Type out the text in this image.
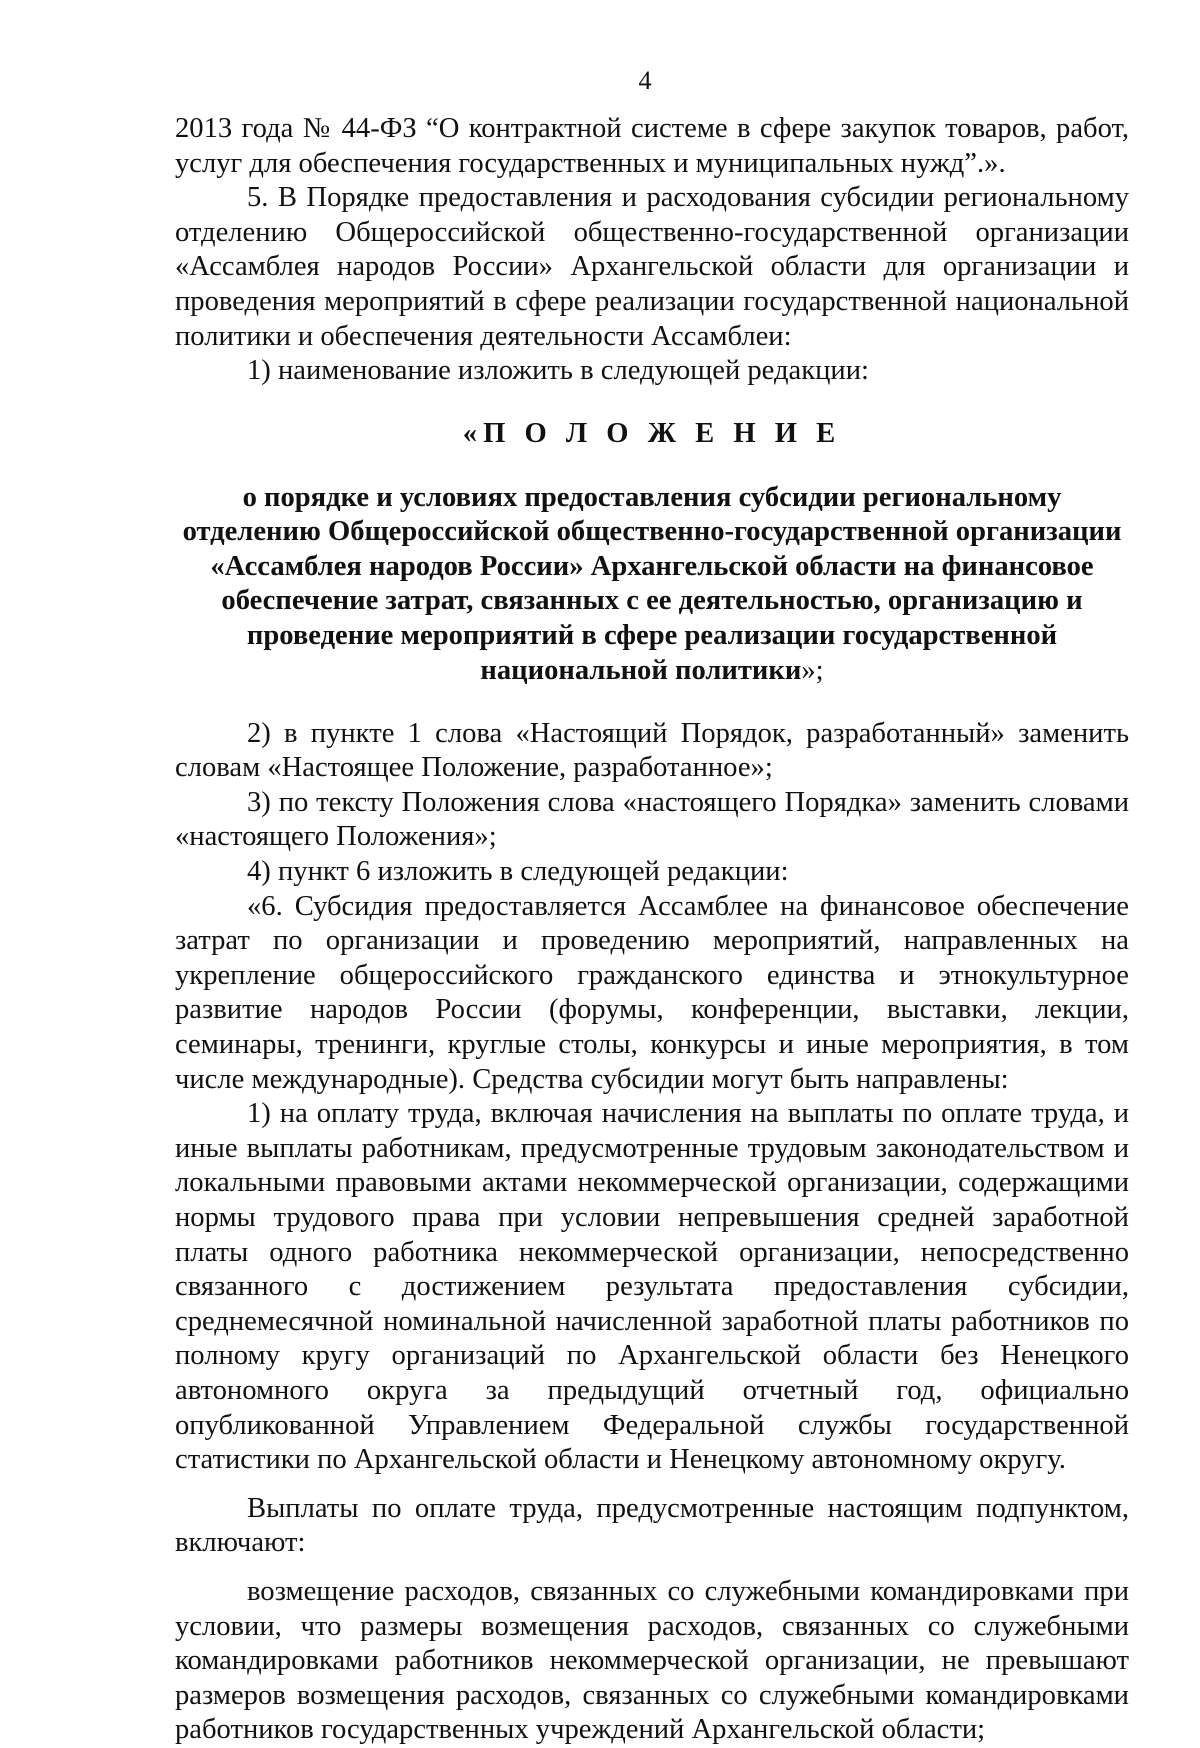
4

2013 года № 44-ФЗ “О контрактной системе в сфере закупок товаров, работ, услуг для обеспечения государственных и муниципальных нужд”.».

5. В Порядке предоставления и расходования субсидии региональному отделению Общероссийской общественно-государственной организации «Ассамблея народов России» Архангельской области для организации и проведения мероприятий в сфере реализации государственной национальной политики и обеспечения деятельности Ассамблеи:

1) наименование изложить в следующей редакции:

«П О Л О Ж Е Н И Е

о порядке и условиях предоставления субсидии региональному отделению Общероссийской общественно-государственной организации «Ассамблея народов России» Архангельской области на финансовое обеспечение затрат, связанных с ее деятельностью, организацию и проведение мероприятий в сфере реализации государственной национальной политики»;

2) в пункте 1 слова «Настоящий Порядок, разработанный» заменить словам «Настоящее Положение, разработанное»;

3) по тексту Положения слова «настоящего Порядка» заменить словами «настоящего Положения»;

4) пункт 6 изложить в следующей редакции:

«6. Субсидия предоставляется Ассамблее на финансовое обеспечение затрат по организации и проведению мероприятий, направленных на укрепление общероссийского гражданского единства и этнокультурное развитие народов России (форумы, конференции, выставки, лекции, семинары, тренинги, круглые столы, конкурсы и иные мероприятия, в том числе международные). Средства субсидии могут быть направлены:

1) на оплату труда, включая начисления на выплаты по оплате труда, и иные выплаты работникам, предусмотренные трудовым законодательством и локальными правовыми актами некоммерческой организации, содержащими нормы трудового права при условии непревышения средней заработной платы одного работника некоммерческой организации, непосредственно связанного с достижением результата предоставления субсидии, среднемесячной номинальной начисленной заработной платы работников по полному кругу организаций по Архангельской области без Ненецкого автономного округа за предыдущий отчетный год, официально опубликованной Управлением Федеральной службы государственной статистики по Архангельской области и Ненецкому автономному округу.

Выплаты по оплате труда, предусмотренные настоящим подпунктом, включают:

возмещение расходов, связанных со служебными командировками при условии, что размеры возмещения расходов, связанных со служебными командировками работников некоммерческой организации, не превышают размеров возмещения расходов, связанных со служебными командировками работников государственных учреждений Архангельской области;
